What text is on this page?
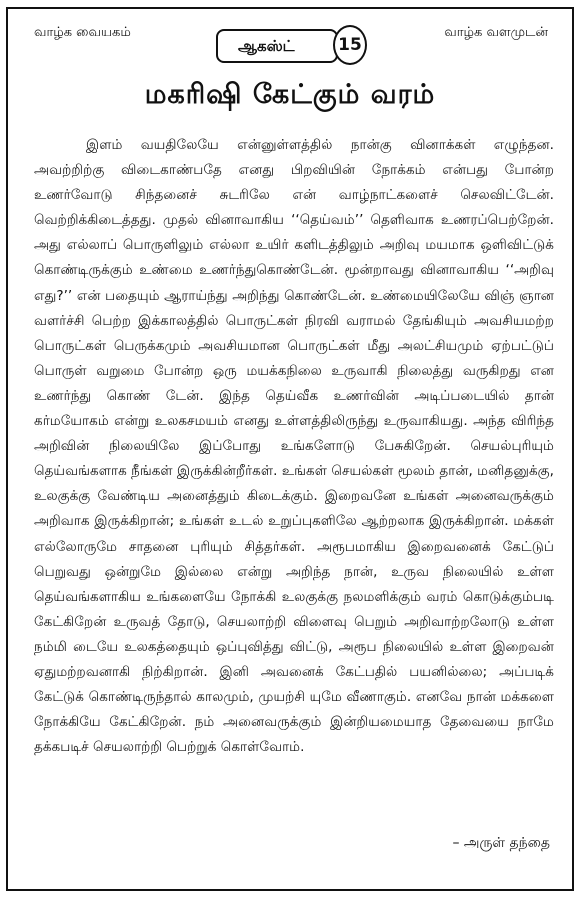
வாழ்க வையகம்
ஆகஸ்ட்	15
வாழ்க வளமுடன்
மகரிஷி கேட்கும் வரம்

இளம் வயதிலேயே என்னுள்ளத்தில் நான்கு வினாக்கள் எழுந்தன. அவற்றிற்கு விடைகாண்பதே எனது பிறவியின் நோக்கம் என்பது போன்ற உணர்வோடு சிந்தனைச் சுடரிலே என் வாழ்நாட்களைச் செலவிட்டேன். வெற்றிக்கிடைத்தது. முதல் வினாவாகிய ‘‘தெய்வம்’’ தெளிவாக உணரப்பெற்றேன். அது எல்லாப் பொருளிலும் எல்லா உயிர் களிடத்திலும் அறிவு மயமாக ஒளிவிட்டுக் கொண்டிருக்கும் உண்மை உணர்ந்துகொண்டேன். மூன்றாவது வினாவாகிய ‘‘அறிவு எது?’’ என் பதையும் ஆராய்ந்து அறிந்து கொண்டேன். உண்மையிலேயே விஞ் ஞான வளர்ச்சி பெற்ற இக்காலத்தில் பொருட்கள் நிரவி வராமல் தேங்கியும் அவசியமற்ற பொருட்கள் பெருக்கமும் அவசியமான பொருட்கள் மீது அலட்சியமும் ஏற்பட்டுப் பொருள் வறுமை போன்ற ஒரு மயக்கநிலை உருவாகி நிலைத்து வருகிறது என உணர்ந்து கொண் டேன். இந்த தெய்வீக உணர்வின் அடிப்படையில் தான் கர்மயோகம் என்று உலகசமயம் எனது உள்ளத்திலிருந்து உருவாகியது. அந்த விரிந்த அறிவின் நிலையிலே இப்போது உங்களோடு பேசுகிறேன். செயல்புரியும் தெய்வங்களாக நீங்கள் இருக்கின்றீர்கள். உங்கள் செயல்கள் மூலம் தான், மனிதனுக்கு, உலகுக்கு வேண்டிய அனைத்தும் கிடைக்கும். இறைவனே உங்கள் அனைவருக்கும் அறிவாக இருக்கிறான்; உங்கள் உடல் உறுப்புகளிலே ஆற்றலாக இருக்கிறான். மக்கள் எல்லோருமே சாதனை புரியும் சித்தர்கள். அரூபமாகிய இறைவனைக் கேட்டுப் பெறுவது ஒன்றுமே இல்லை என்று அறிந்த நான், உருவ நிலையில் உள்ள தெய்வங்களாகிய உங்களையே நோக்கி உலகுக்கு நலமளிக்கும் வரம் கொடுக்கும்படி கேட்கிறேன் உருவத் தோடு, செயலாற்றி விளைவு பெறும் அறிவாற்றலோடு உள்ள நம்மி டையே உலகத்தையும் ஒப்புவித்து விட்டு, அரூப நிலையில் உள்ள இறைவன் ஏதுமற்றவனாகி நிற்கிறான். இனி அவனைக் கேட்பதில் பயனில்லை; அப்படிக் கேட்டுக் கொண்டிருந்தால் காலமும், முயற்சி யுமே வீணாகும். எனவே நான் மக்களை நோக்கியே கேட்கிறேன். நம் அனைவருக்கும் இன்றியமையாத தேவையை நாமே தக்கபடிச் செயலாற்றி பெற்றுக் கொள்வோம்.

– அருள் தந்தை
